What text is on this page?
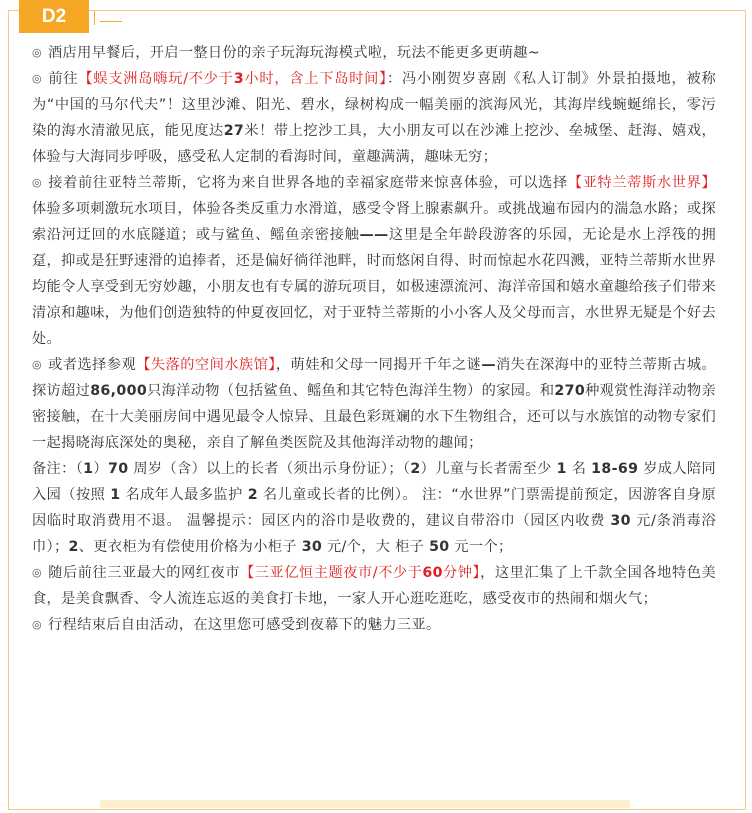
D2

◎ 酒店用早餐后，开启一整日份的亲子玩海玩海模式啦，玩法不能更多更萌趣~

◎ 前往【蜈支洲岛嗨玩/不少于3小时，含上下岛时间】：冯小刚贺岁喜剧《私人订制》外景拍摄地，被称为“中国的马尔代夫”！这里沙滩、阳光、碧水，绿树构成一幅美丽的滨海风光，其海岸线蜿蜒绵长，零污染的海水清澈见底，能见度达27米！带上挖沙工具，大小朋友可以在沙滩上挖沙、垒城堡、赶海、嬉戏，体验与大海同步呼吸，感受私人定制的看海时间，童趣满满，趣味无穷；

◎ 接着前往亚特兰蒂斯，它将为来自世界各地的幸福家庭带来惊喜体验，可以选择【亚特兰蒂斯水世界】体验多项刺激玩水项目，体验各类反重力水滑道，感受令肾上腺素飙升。或挑战遍布园内的湍急水路；或探索沿河迂回的水底隧道；或与鲨鱼、鳐鱼亲密接触——这里是全年龄段游客的乐园，无论是水上浮筏的拥趸，抑或是狂野速滑的追捧者，还是偏好徜徉池畔，时而悠闲自得、时而惊起水花四溅，亚特兰蒂斯水世界均能令人享受到无穷妙趣，小朋友也有专属的游玩项目，如极速漂流河、海洋帝国和嬉水童趣给孩子们带来清凉和趣味，为他们创造独特的仲夏夜回忆，对于亚特兰蒂斯的小小客人及父母而言，水世界无疑是个好去处。

◎ 或者选择参观【失落的空间水族馆】，萌娃和父母一同揭开千年之谜—消失在深海中的亚特兰蒂斯古城。探访超过86,000只海洋动物（包括鲨鱼、鳐鱼和其它特色海洋生物）的家园。和270种观赏性海洋动物亲密接触，在十大美丽房间中遇见最令人惊异、且最色彩斑斓的水下生物组合，还可以与水族馆的动物专家们一起揭晓海底深处的奥秘，亲自了解鱼类医院及其他海洋动物的趣闻；

备注：（1）70 周岁（含）以上的长者（须出示身份证）；（2）儿童与长者需至少 1 名 18-69 岁成人陪同入园（按照 1 名成年人最多监护 2 名儿童或长者的比例）。 注：“水世界”门票需提前预定，因游客自身原因临时取消费用不退。 温馨提示：园区内的浴巾是收费的，建议自带浴巾（园区内收费 30 元/条消毒浴巾）；2、更衣柜为有偿使用价格为小柜子 30 元/个，大 柜子 50 元一个；

◎ 随后前往三亚最大的网红夜市【三亚亿恒主题夜市/不少于60分钟】，这里汇集了上千款全国各地特色美食，是美食飘香、令人流连忘返的美食打卡地，一家人开心逛吃逛吃，感受夜市的热闹和烟火气；

◎ 行程结束后自由活动，在这里您可感受到夜幕下的魅力三亚。
